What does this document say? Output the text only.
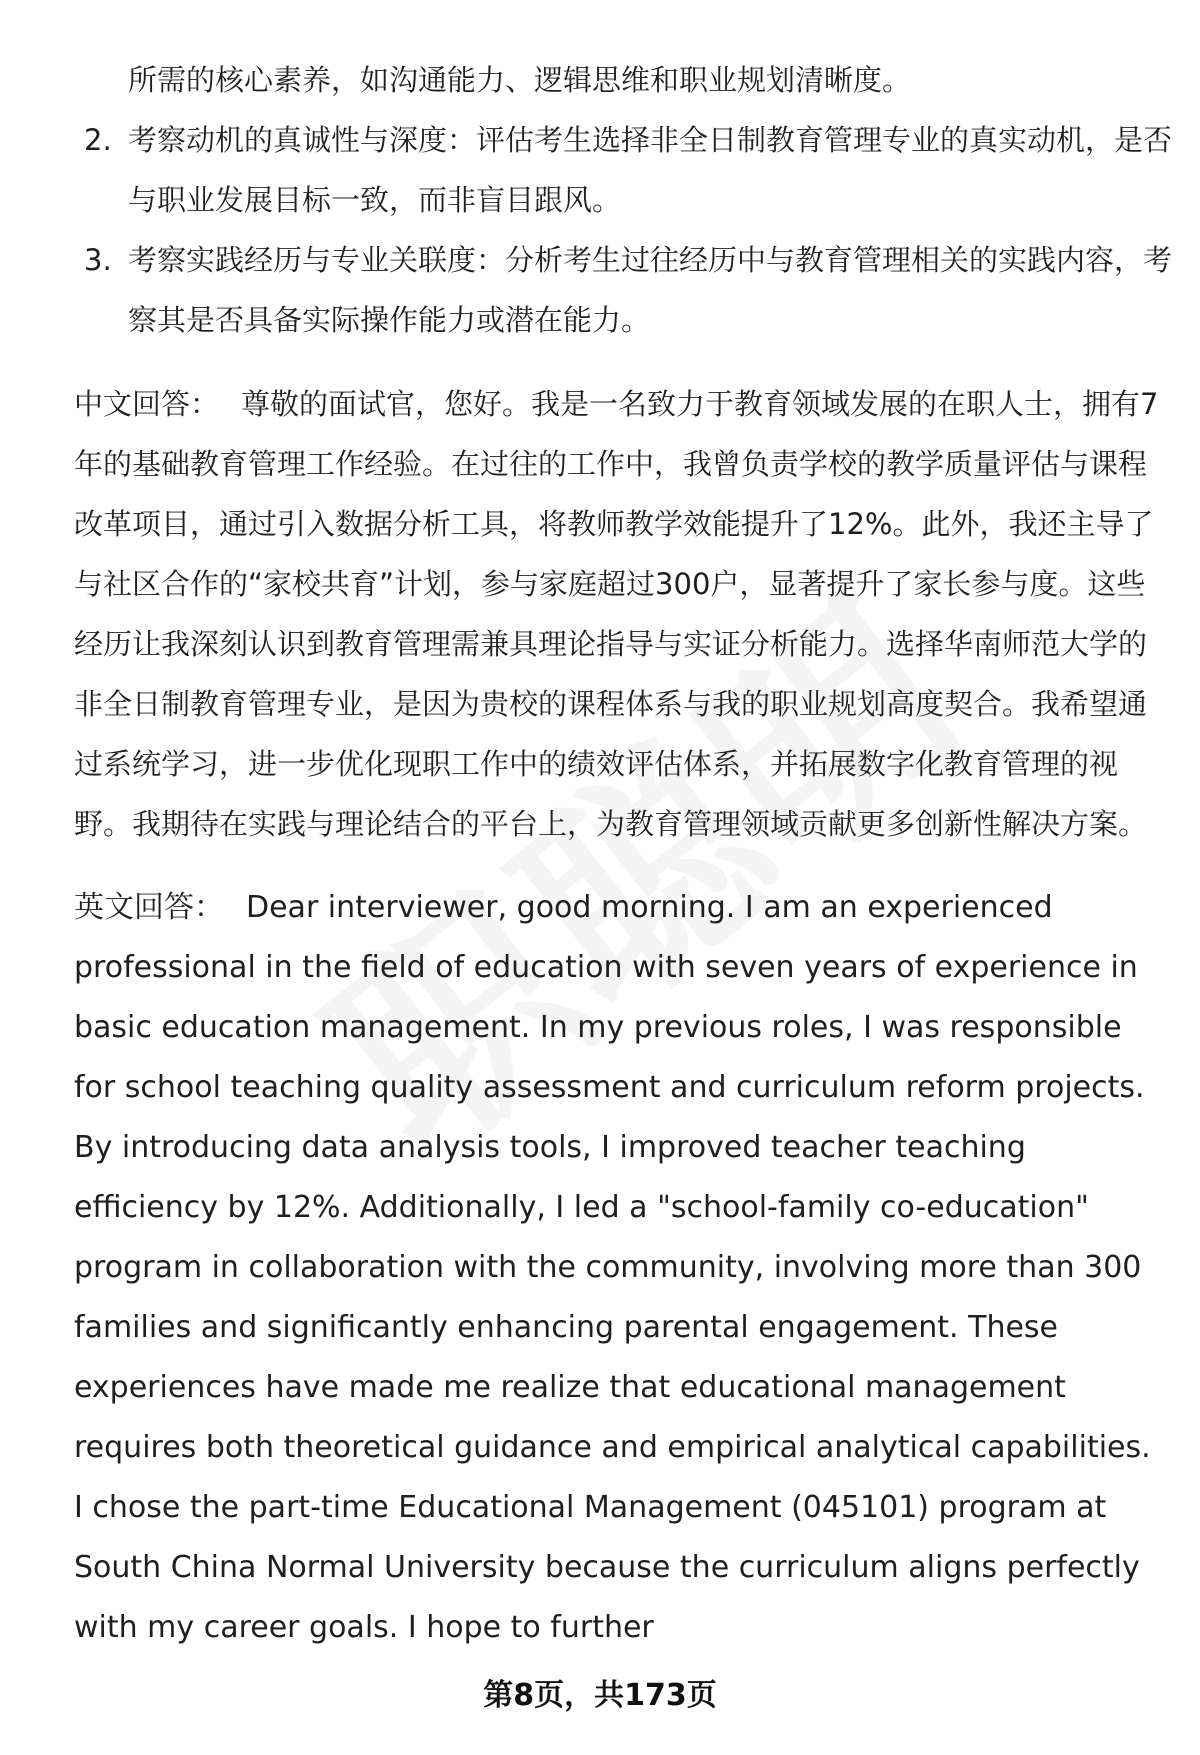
所需的核心素养，如沟通能力、逻辑思维和职业规划清晰度。
2. 考察动机的真诚性与深度：评估考生选择非全日制教育管理专业的真实动机，是否与职业发展目标一致，而非盲目跟风。
3. 考察实践经历与专业关联度：分析考生过往经历中与教育管理相关的实践内容，考察其是否具备实际操作能力或潜在能力。
中文回答： 尊敬的面试官，您好。我是一名致力于教育领域发展的在职人士，拥有7年的基础教育管理工作经验。在过往的工作中，我曾负责学校的教学质量评估与课程改革项目，通过引入数据分析工具，将教师教学效能提升了12%。此外，我还主导了与社区合作的“家校共育”计划，参与家庭超过300户，显著提升了家长参与度。这些经历让我深刻认识到教育管理需兼具理论指导与实证分析能力。选择华南师范大学的非全日制教育管理专业，是因为贵校的课程体系与我的职业规划高度契合。我希望通过系统学习，进一步优化现职工作中的绩效评估体系，并拓展数字化教育管理的视野。我期待在实践与理论结合的平台上，为教育管理领域贡献更多创新性解决方案。
英文回答： Dear interviewer, good morning. I am an experienced professional in the field of education with seven years of experience in basic education management. In my previous roles, I was responsible for school teaching quality assessment and curriculum reform projects. By introducing data analysis tools, I improved teacher teaching efficiency by 12%. Additionally, I led a "school-family co-education" program in collaboration with the community, involving more than 300 families and significantly enhancing parental engagement. These experiences have made me realize that educational management requires both theoretical guidance and empirical analytical capabilities. I chose the part-time Educational Management (045101) program at South China Normal University because the curriculum aligns perfectly with my career goals. I hope to further
第8页，共173页
